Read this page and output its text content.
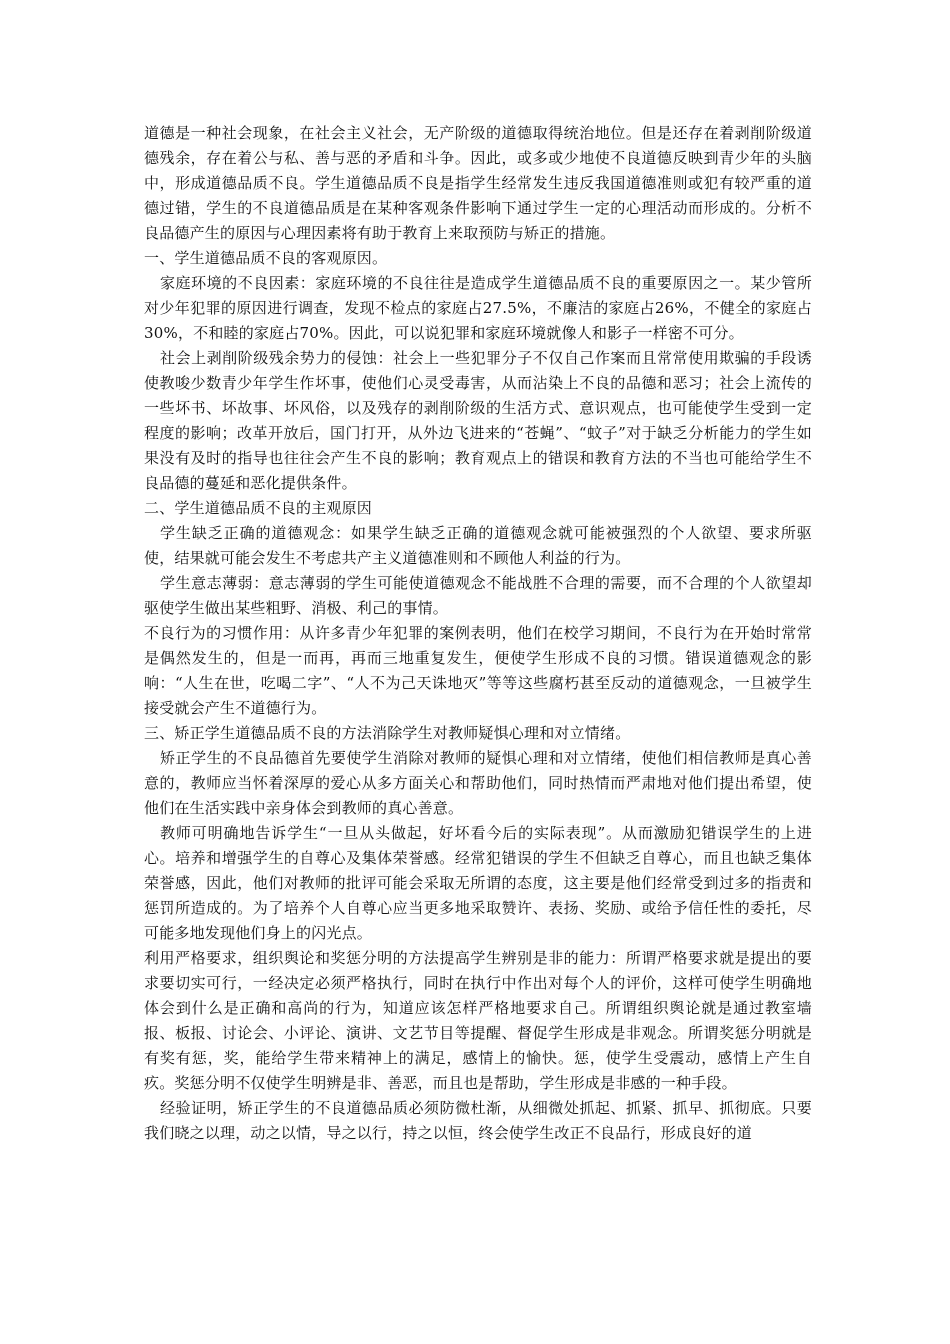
道德是一种社会现象，在社会主义社会，无产阶级的道德取得统治地位。但是还存在着剥削阶级道德残余，存在着公与私、善与恶的矛盾和斗争。因此，或多或少地使不良道德反映到青少年的头脑中，形成道德品质不良。学生道德品质不良是指学生经常发生违反我国道德准则或犯有较严重的道德过错，学生的不良道德品质是在某种客观条件影响下通过学生一定的心理活动而形成的。分析不良品德产生的原因与心理因素将有助于教育上来取预防与矫正的措施。

一、学生道德品质不良的客观原因。

家庭环境的不良因素：家庭环境的不良往往是造成学生道德品质不良的重要原因之一。某少管所对少年犯罪的原因进行调查，发现不检点的家庭占27.5%，不廉洁的家庭占26%，不健全的家庭占30%，不和睦的家庭占70%。因此，可以说犯罪和家庭环境就像人和影子一样密不可分。

社会上剥削阶级残余势力的侵蚀：社会上一些犯罪分子不仅自己作案而且常常使用欺骗的手段诱使教唆少数青少年学生作坏事，使他们心灵受毒害，从而沾染上不良的品德和恶习；社会上流传的一些坏书、坏故事、坏风俗，以及残存的剥削阶级的生活方式、意识观点，也可能使学生受到一定程度的影响；改革开放后，国门打开，从外边飞进来的“苍蝇”、“蚊子”对于缺乏分析能力的学生如果没有及时的指导也往往会产生不良的影响；教育观点上的错误和教育方法的不当也可能给学生不良品德的蔓延和恶化提供条件。

二、学生道德品质不良的主观原因

学生缺乏正确的道德观念：如果学生缺乏正确的道德观念就可能被强烈的个人欲望、要求所驱使，结果就可能会发生不考虑共产主义道德准则和不顾他人利益的行为。

学生意志薄弱：意志薄弱的学生可能使道德观念不能战胜不合理的需要，而不合理的个人欲望却驱使学生做出某些粗野、消极、利己的事情。

不良行为的习惯作用：从许多青少年犯罪的案例表明，他们在校学习期间，不良行为在开始时常常是偶然发生的，但是一而再，再而三地重复发生，便使学生形成不良的习惯。错误道德观念的影响：“人生在世，吃喝二字”、“人不为己天诛地灭”等等这些腐朽甚至反动的道德观念，一旦被学生接受就会产生不道德行为。

三、矫正学生道德品质不良的方法消除学生对教师疑惧心理和对立情绪。

矫正学生的不良品德首先要使学生消除对教师的疑惧心理和对立情绪，使他们相信教师是真心善意的，教师应当怀着深厚的爱心从多方面关心和帮助他们，同时热情而严肃地对他们提出希望，使他们在生活实践中亲身体会到教师的真心善意。

教师可明确地告诉学生“一旦从头做起，好坏看今后的实际表现”。从而激励犯错误学生的上进心。培养和增强学生的自尊心及集体荣誉感。经常犯错误的学生不但缺乏自尊心，而且也缺乏集体荣誉感，因此，他们对教师的批评可能会采取无所谓的态度，这主要是他们经常受到过多的指责和惩罚所造成的。为了培养个人自尊心应当更多地采取赞许、表扬、奖励、或给予信任性的委托，尽可能多地发现他们身上的闪光点。

利用严格要求，组织舆论和奖惩分明的方法提高学生辨别是非的能力：所谓严格要求就是提出的要求要切实可行，一经决定必须严格执行，同时在执行中作出对每个人的评价，这样可使学生明确地体会到什么是正确和高尚的行为，知道应该怎样严格地要求自己。所谓组织舆论就是通过教室墙报、板报、讨论会、小评论、演讲、文艺节目等提醒、督促学生形成是非观念。所谓奖惩分明就是有奖有惩，奖，能给学生带来精神上的满足，感情上的愉快。惩，使学生受震动，感情上产生自疚。奖惩分明不仅使学生明辨是非、善恶，而且也是帮助，学生形成是非感的一种手段。

经验证明，矫正学生的不良道德品质必须防微杜渐，从细微处抓起、抓紧、抓早、抓彻底。只要我们晓之以理，动之以情，导之以行，持之以恒，终会使学生改正不良品行，形成良好的道
